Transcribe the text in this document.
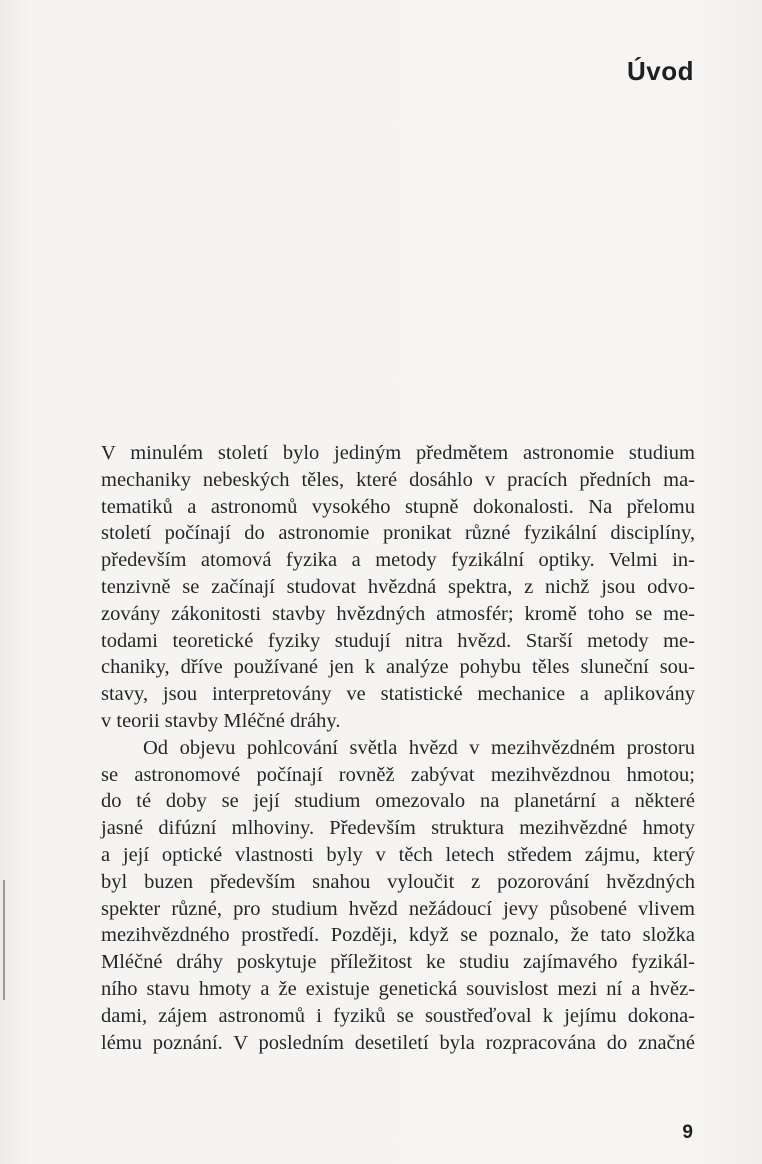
Úvod
V minulém století bylo jediným předmětem astronomie studium
mechaniky nebeských těles, které dosáhlo v pracích předních ma-
tematiků a astronomů vysokého stupně dokonalosti. Na přelomu
století počínají do astronomie pronikat různé fyzikální disciplíny,
především atomová fyzika a metody fyzikální optiky. Velmi in-
tenzivně se začínají studovat hvězdná spektra, z nichž jsou odvo-
zovány zákonitosti stavby hvězdných atmosfér; kromě toho se me-
todami teoretické fyziky studují nitra hvězd. Starší metody me-
chaniky, dříve používané jen k analýze pohybu těles sluneční sou-
stavy, jsou interpretovány ve statistické mechanice a aplikovány
v teorii stavby Mléčné dráhy.
Od objevu pohlcování světla hvězd v mezihvězdném prostoru
se astronomové počínají rovněž zabývat mezihvězdnou hmotou;
do té doby se její studium omezovalo na planetární a některé
jasné difúzní mlhoviny. Především struktura mezihvězdné hmoty
a její optické vlastnosti byly v těch letech středem zájmu, který
byl buzen především snahou vyloučit z pozorování hvězdných
spekter různé, pro studium hvězd nežádoucí jevy působené vlivem
mezihvězdného prostředí. Později, když se poznalo, že tato složka
Mléčné dráhy poskytuje příležitost ke studiu zajímavého fyzikál-
ního stavu hmoty a že existuje genetická souvislost mezi ní a hvěz-
dami, zájem astronomů i fyziků se soustřeďoval k jejímu dokona-
lému poznání. V posledním desetiletí byla rozpracována do značné
9
